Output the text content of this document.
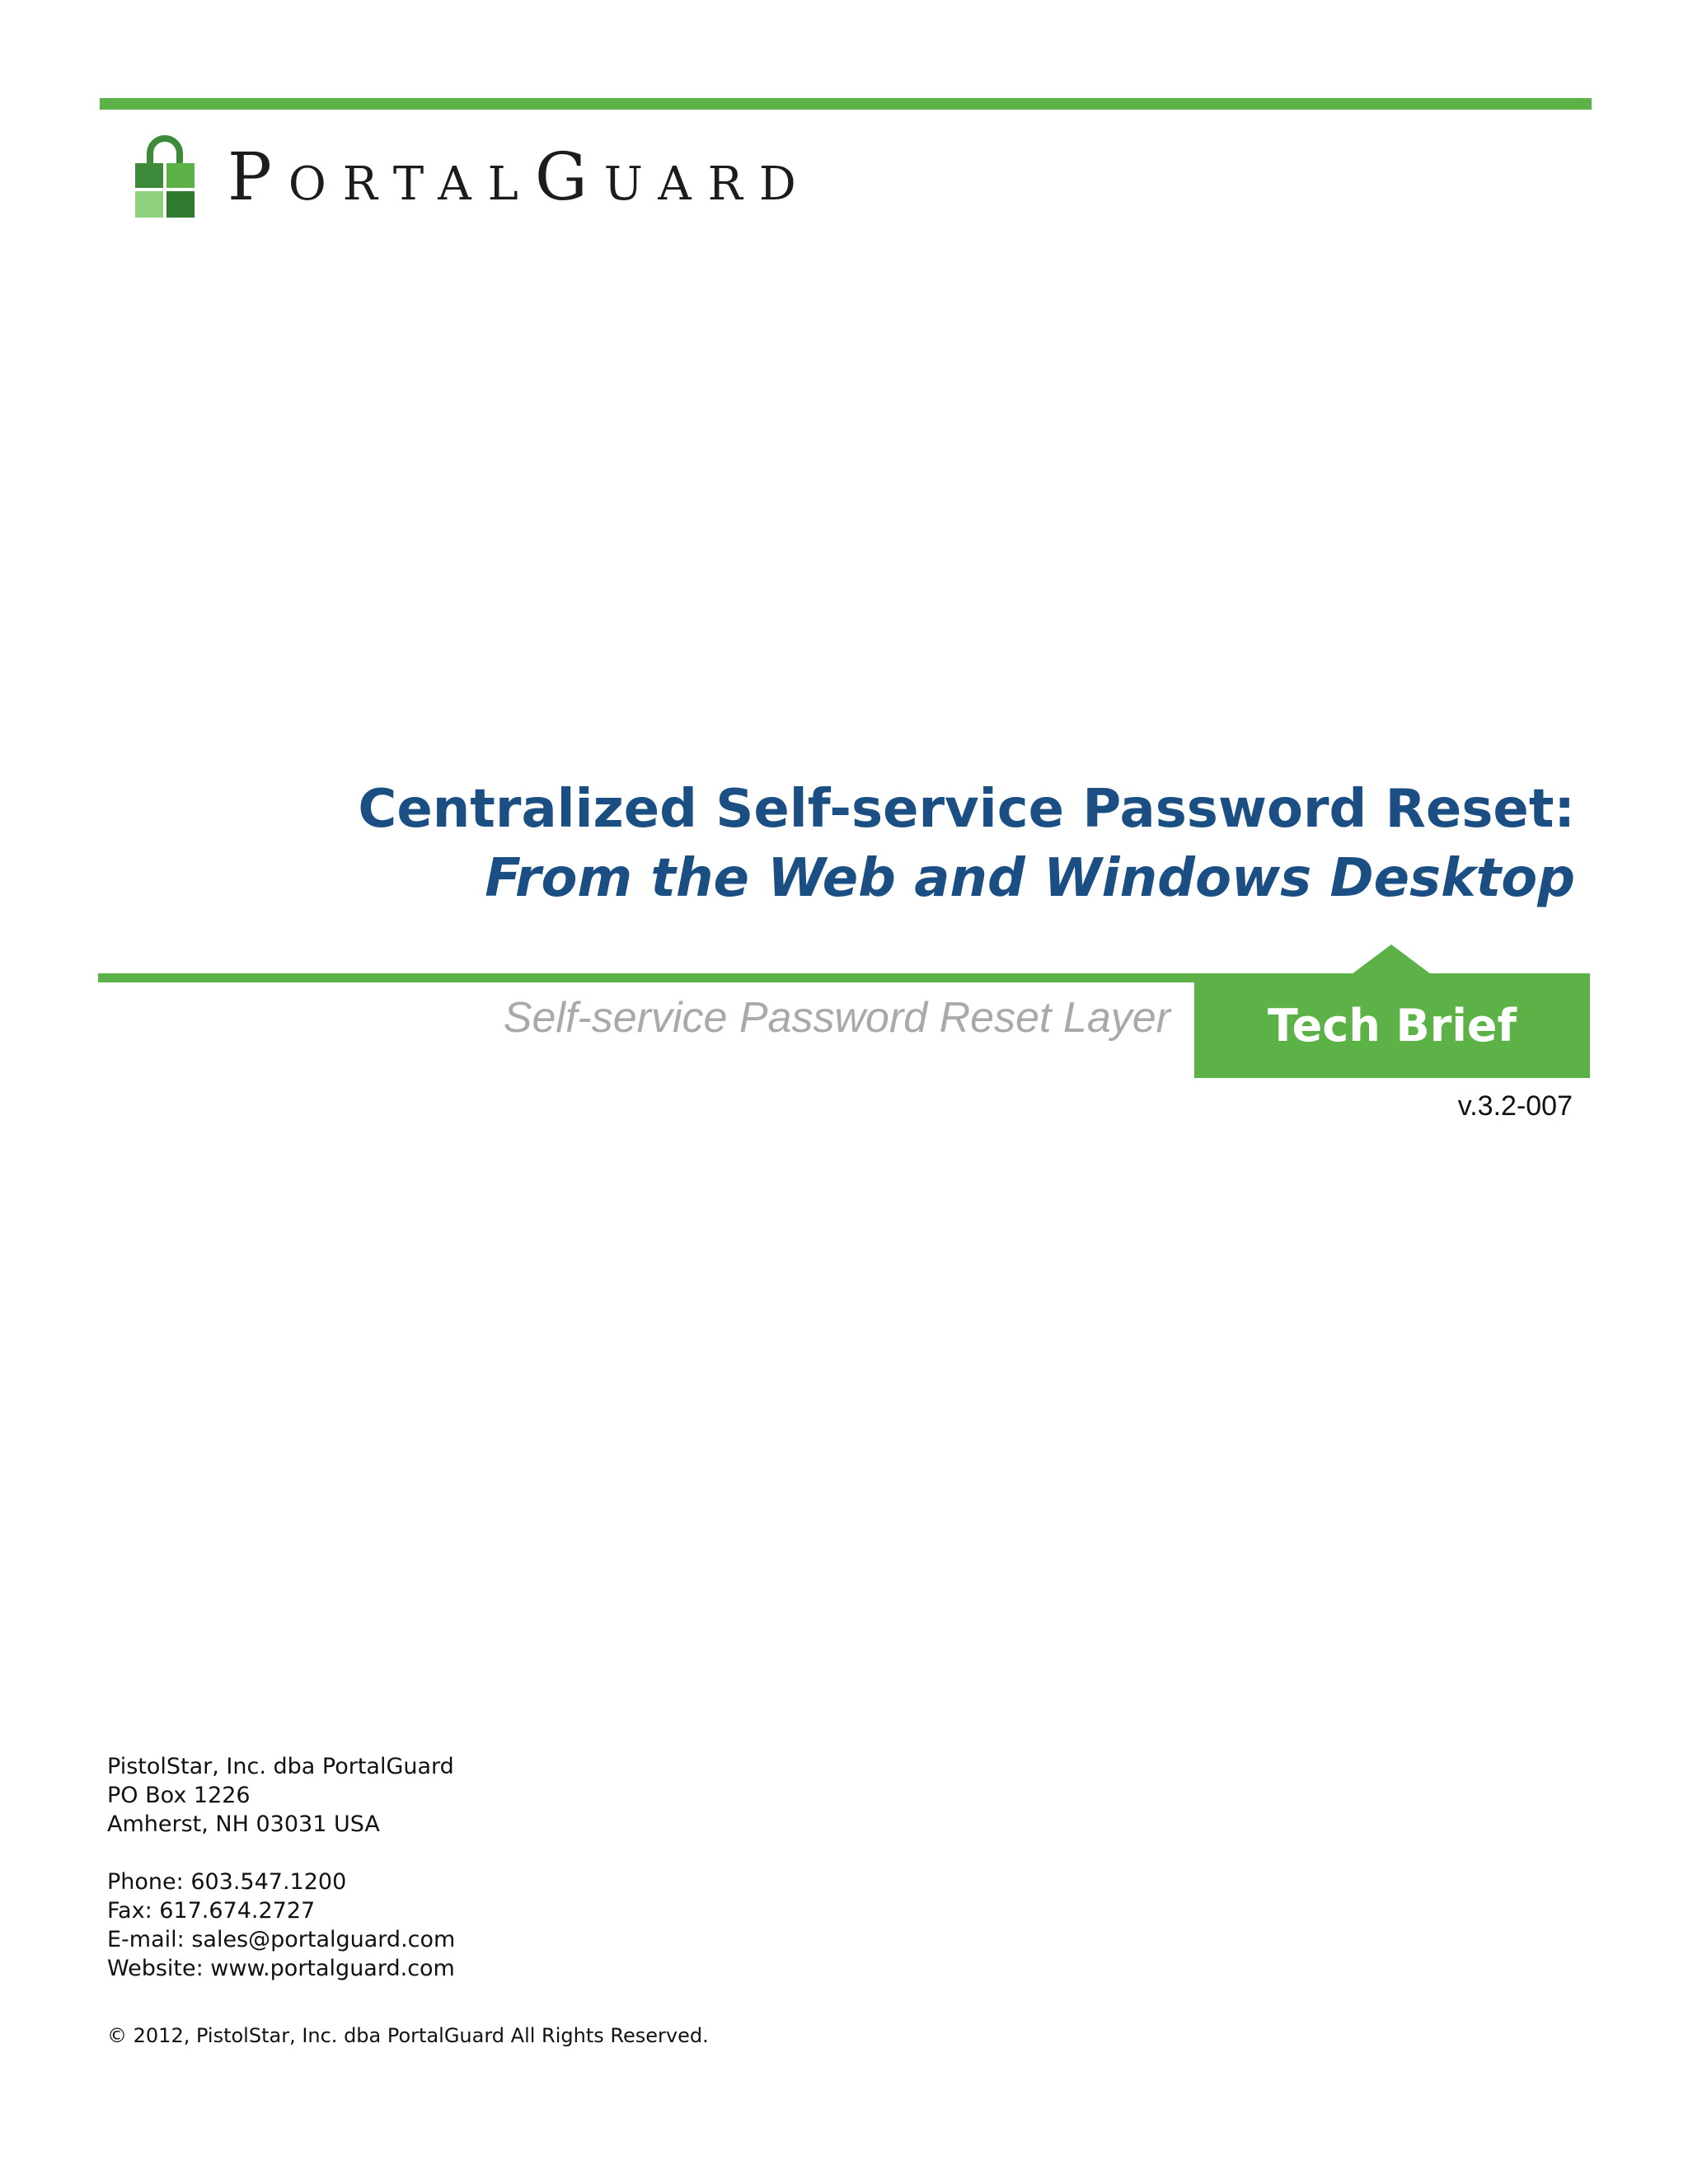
PORTALGUARD
Centralized Self-service Password Reset:
From the Web and Windows Desktop
Tech Brief
Self-service Password Reset Layer
v.3.2-007
PistolStar, Inc. dba PortalGuard
PO Box 1226
Amherst, NH 03031 USA
Phone: 603.547.1200
Fax: 617.674.2727
E-mail: sales@portalguard.com
Website: www.portalguard.com
© 2012, PistolStar, Inc. dba PortalGuard All Rights Reserved.
